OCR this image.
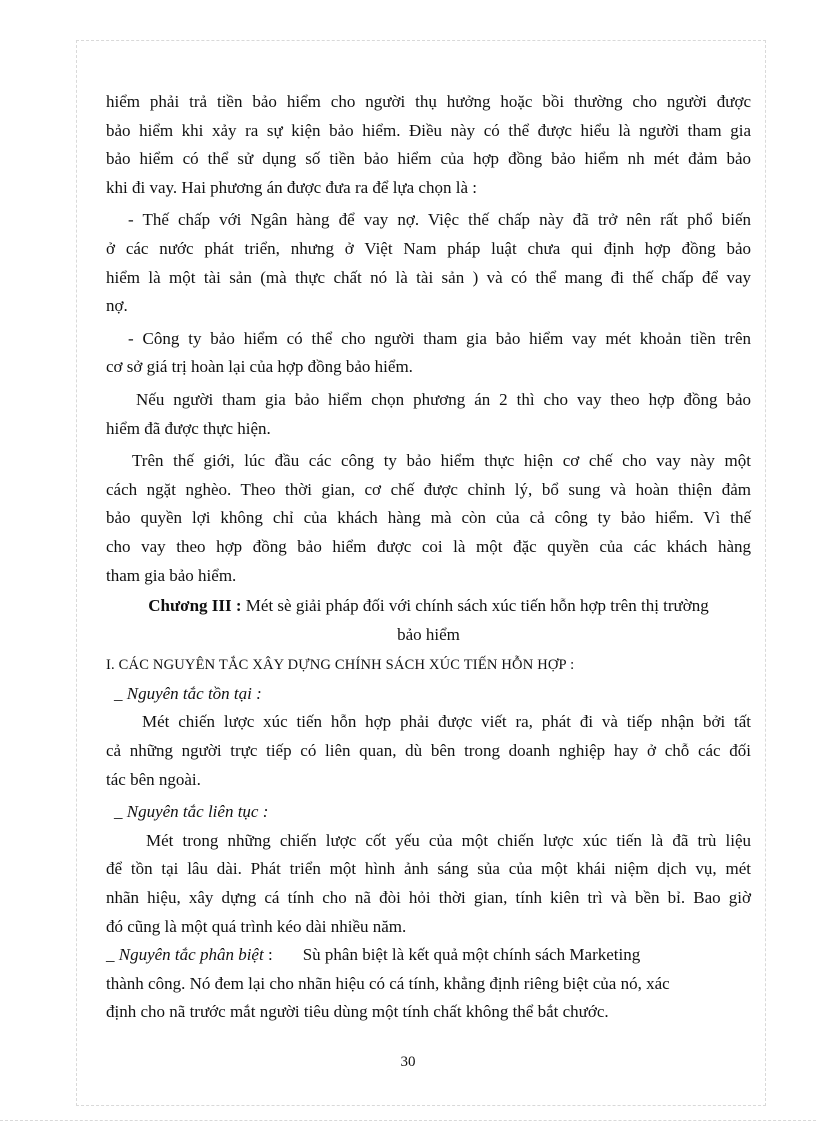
hiểm phải trả tiền bảo hiểm cho người thụ hưởng hoặc bồi thường cho người được

bảo hiểm khi xảy ra sự kiện bảo hiểm. Điều này có thể được hiểu là người tham gia

bảo hiểm có thể sử dụng số tiền bảo hiểm của hợp đồng bảo hiểm nh mét đảm bảo

khi đi vay. Hai phương án được đưa ra để lựa chọn là :

- Thế chấp với Ngân hàng để vay nợ. Việc thế chấp này đã trở nên rất phổ biến

ở các nước phát triển, nhưng ở Việt Nam pháp luật chưa qui định hợp đồng bảo

hiểm là một tài sản (mà thực chất nó là tài sản ) và có thể mang đi thế chấp để vay

nợ.

- Công ty bảo hiểm có thể cho người tham gia bảo hiểm vay mét khoản tiền trên

cơ sở giá trị hoàn lại của hợp đồng bảo hiểm.

Nếu người tham gia bảo hiểm chọn phương án 2 thì cho vay theo hợp đồng bảo

hiểm đã được thực hiện.

Trên thế giới, lúc đầu các công ty bảo hiểm thực hiện cơ chế cho vay này một

cách ngặt nghèo. Theo thời gian, cơ chế được chỉnh lý, bổ sung và hoàn thiện đảm

bảo quyền lợi không chỉ của khách hàng mà còn của cả công ty bảo hiểm. Vì thế

cho vay theo hợp đồng bảo hiểm được coi là một đặc quyền của các khách hàng

tham gia bảo hiểm.

Chương III : Mét sè giải pháp đối với chính sách xúc tiến hỗn hợp trên thị trường

bảo hiểm

I. CÁC NGUYÊN TẮC XÂY DỰNG CHÍNH SÁCH XÚC TIẾN HỖN HỢP :

_ Nguyên tắc tồn tại :

Mét chiến lược xúc tiến hỗn hợp phải được viết ra, phát đi và tiếp nhận bởi tất

cả những người trực tiếp có liên quan, dù bên trong doanh nghiệp hay ở chỗ các đối

tác bên ngoài.

_ Nguyên tắc liên tục :

Mét trong những chiến lược cốt yếu của một chiến lược xúc tiến là đã trù liệu

để tồn tại lâu dài. Phát triển một hình ảnh sáng sủa của một khái niệm dịch vụ, mét

nhãn hiệu, xây dựng cá tính cho nã đòi hỏi thời gian, tính kiên trì và bền bỉ. Bao giờ

đó cũng là một quá trình kéo dài nhiều năm.

_ Nguyên tắc phân biệt : Sù phân biệt là kết quả một chính sách Marketing

thành công. Nó đem lại cho nhãn hiệu có cá tính, khẳng định riêng biệt của nó, xác

định cho nã trước mắt người tiêu dùng một tính chất không thể bắt chước.

30
